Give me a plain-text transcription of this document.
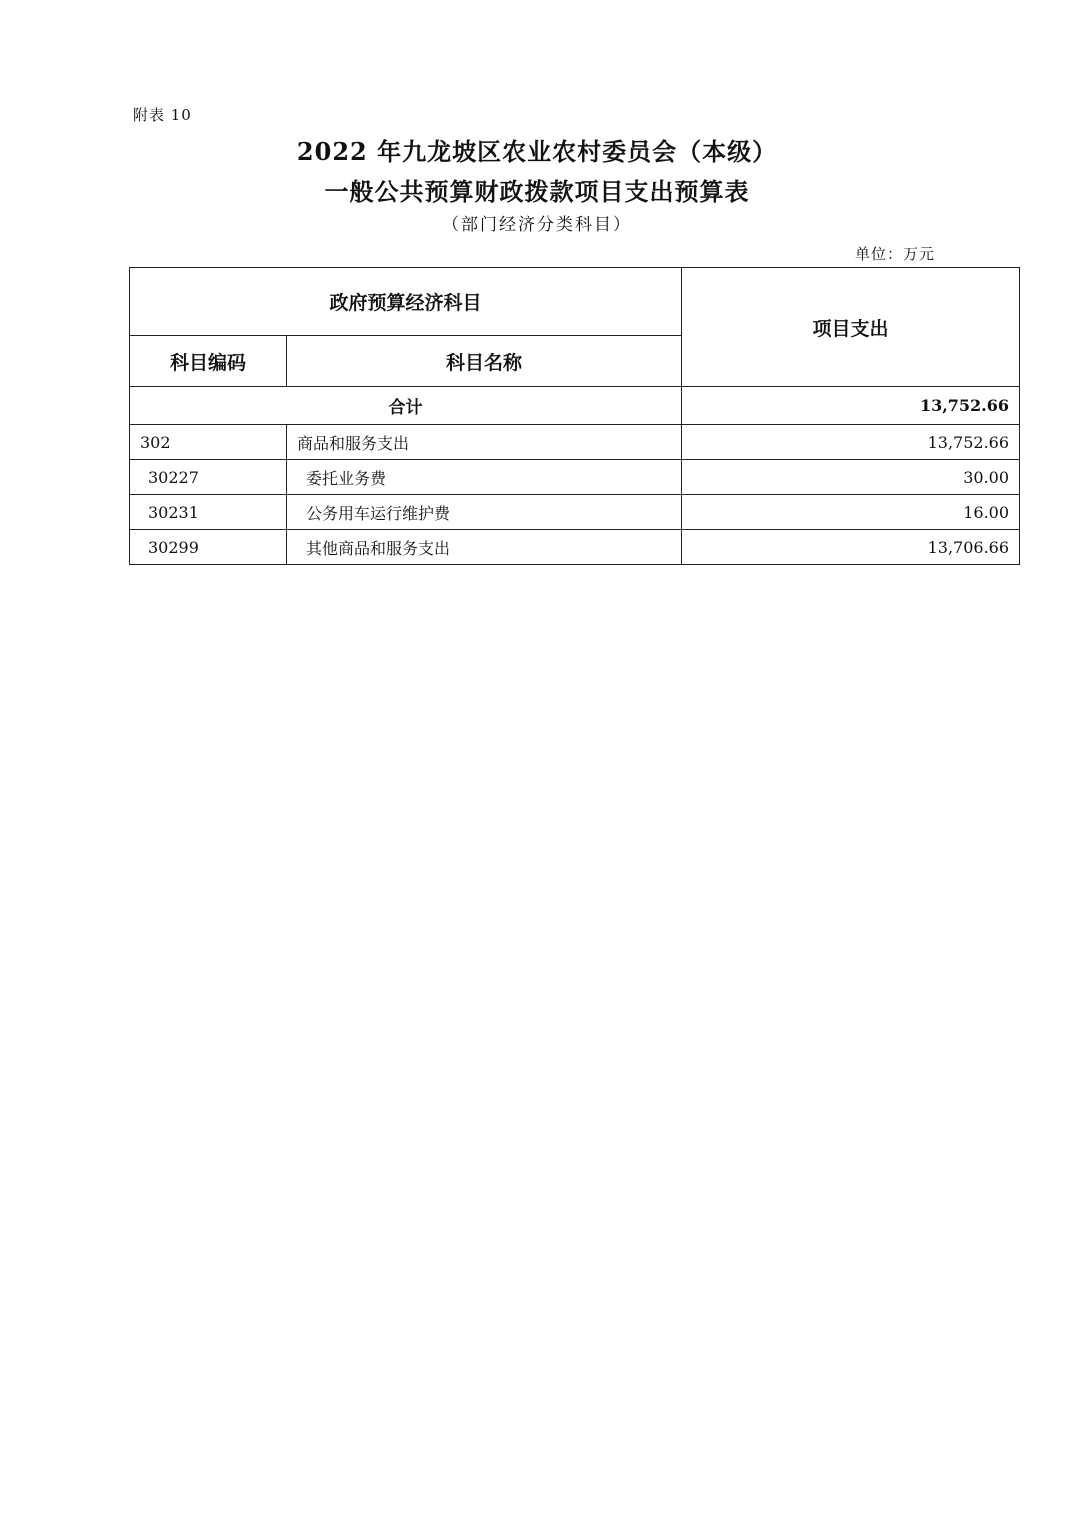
附表 10
2022 年九龙坡区农业农村委员会（本级）
一般公共预算财政拨款项目支出预算表
（部门经济分类科目）
单位：万元
政府预算经济科目		项目支出
科目编码	科目名称	
合计		13,752.66
302	商品和服务支出	13,752.66
30227	委托业务费	30.00
30231	公务用车运行维护费	16.00
30299	其他商品和服务支出	13,706.66
